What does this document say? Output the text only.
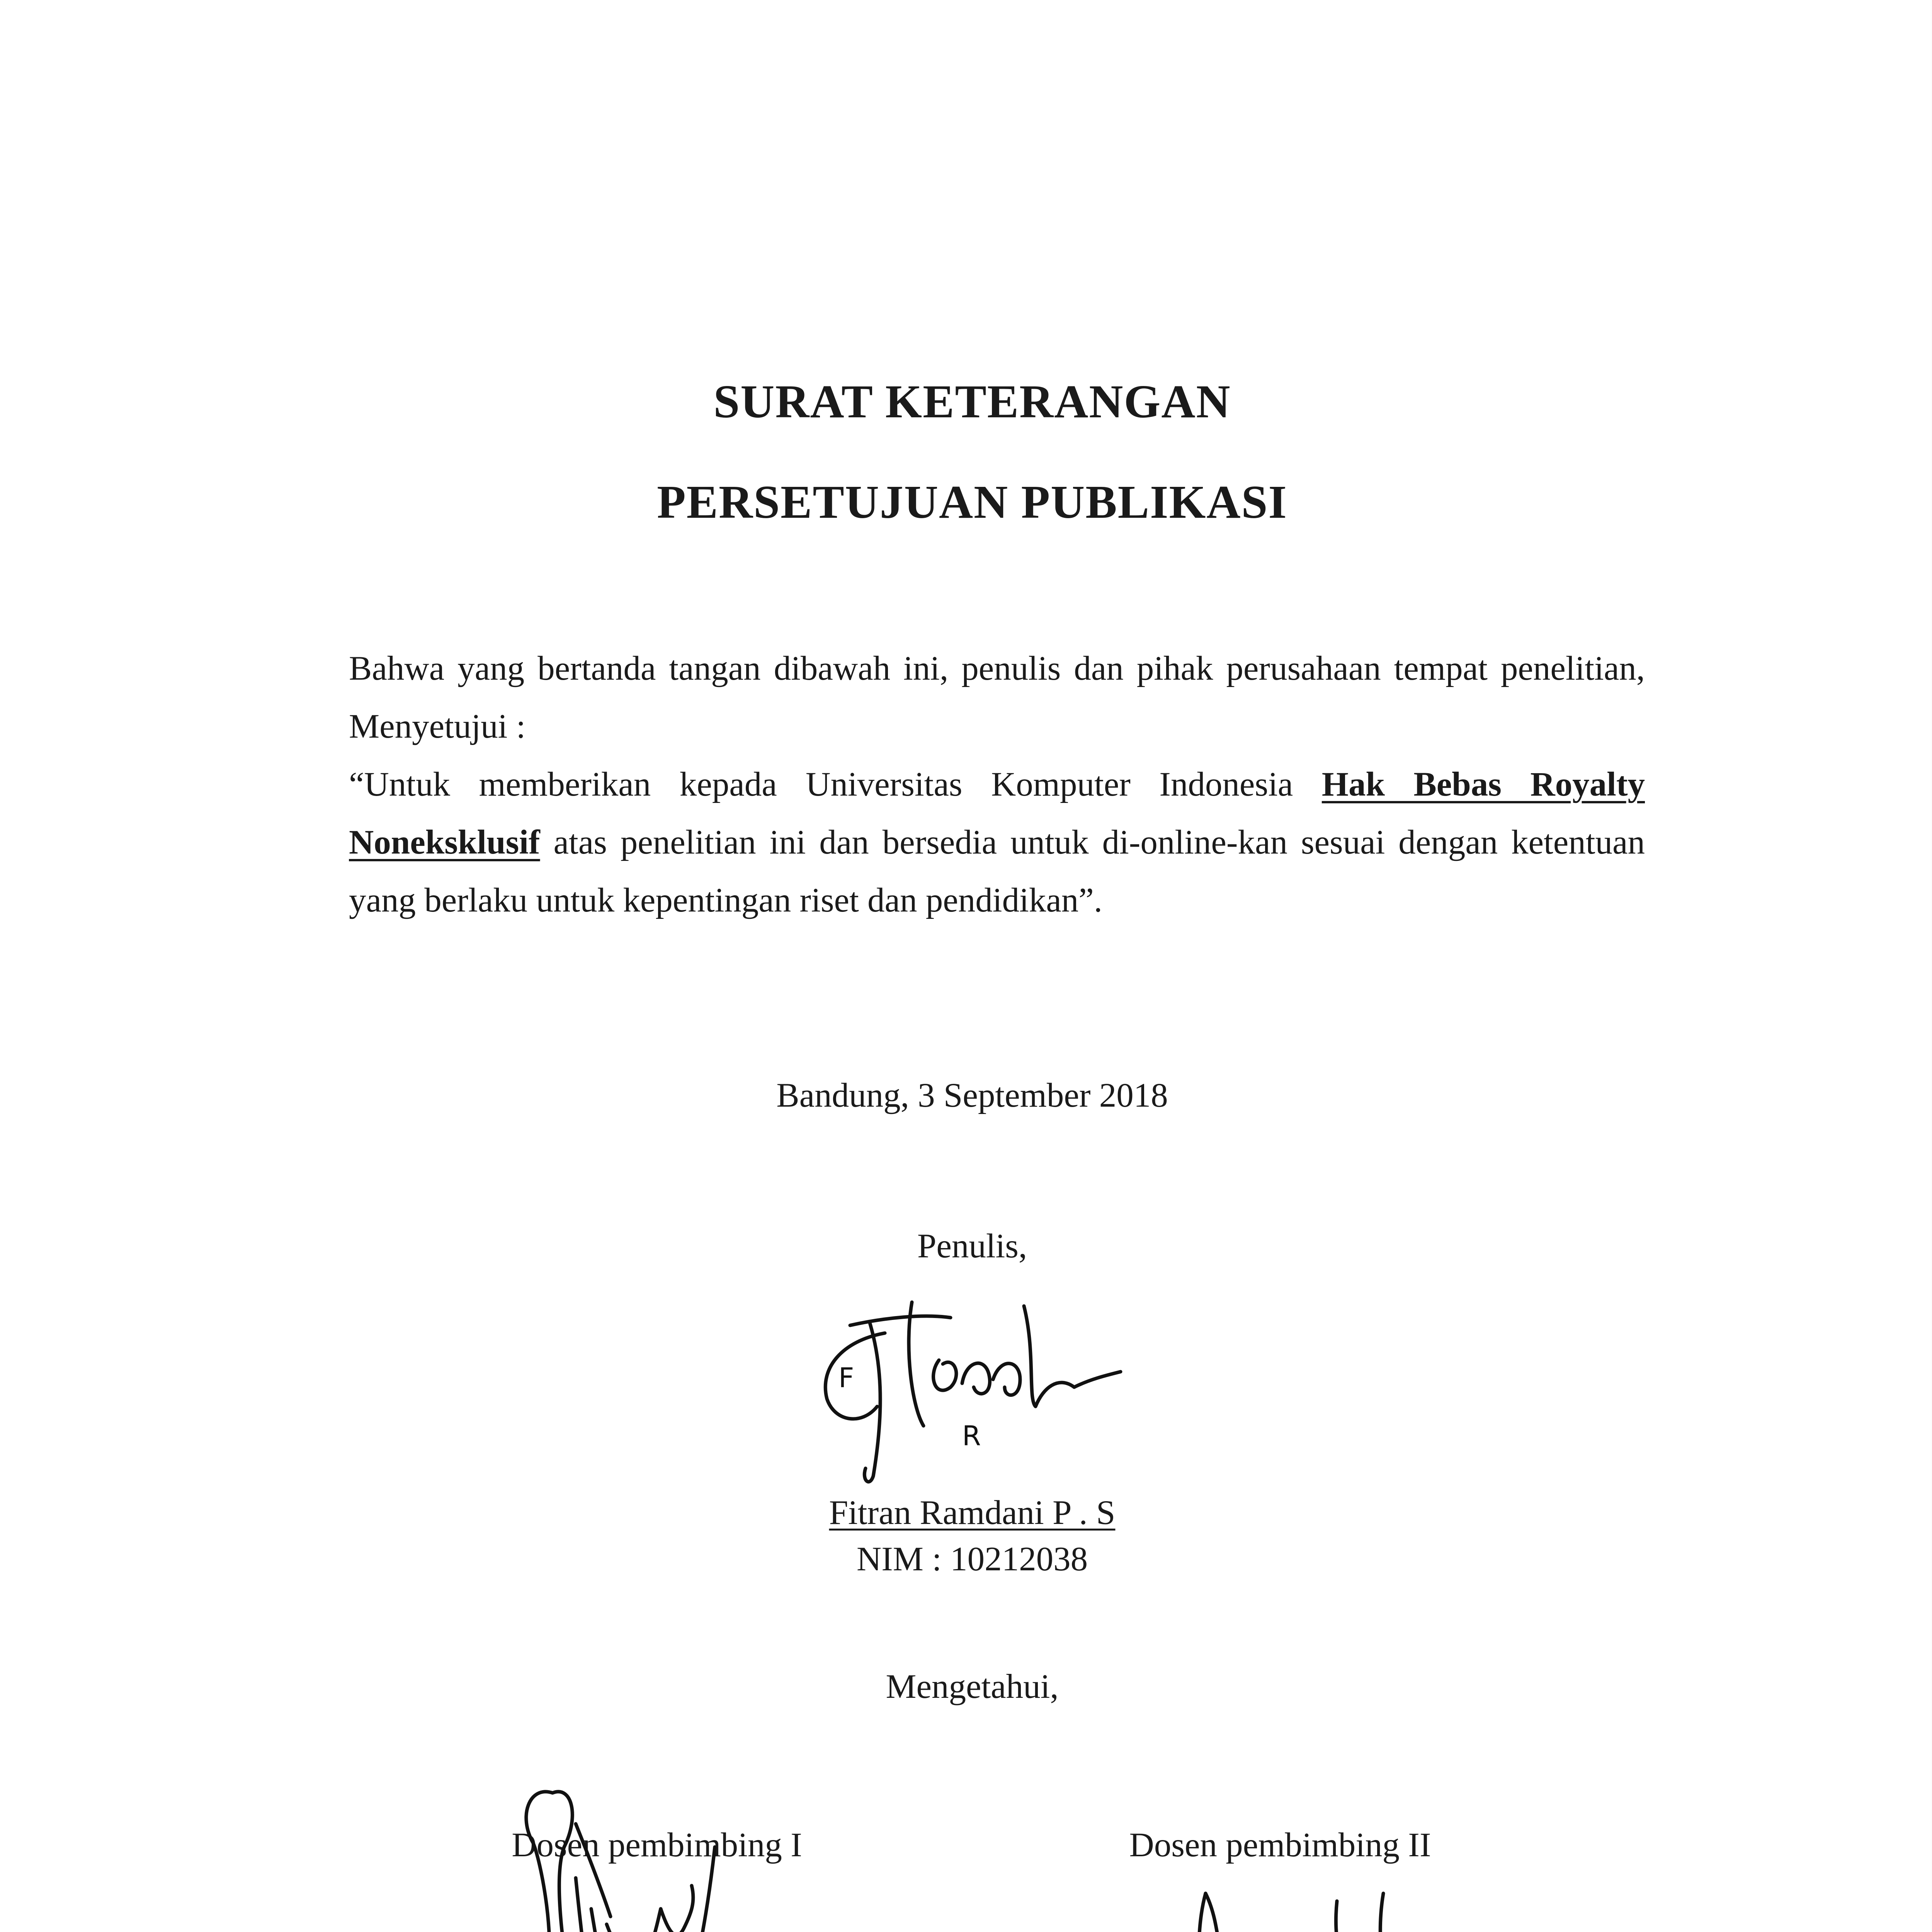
SURAT KETERANGAN
PERSETUJUAN PUBLIKASI

Bahwa yang bertanda tangan dibawah ini, penulis dan pihak perusahaan tempat penelitian, Menyetujui :

“Untuk memberikan kepada Universitas Komputer Indonesia Hak Bebas Royalty Noneksklusif atas penelitian ini dan bersedia untuk di-online-kan sesuai dengan ketentuan yang berlaku untuk kepentingan riset dan pendidikan”.

Bandung, 3 September 2018

Penulis,

F
R

Fitran Ramdani P . S

NIM : 10212038

Mengetahui,

Dosen pembimbing I	Dosen pembimbing II
